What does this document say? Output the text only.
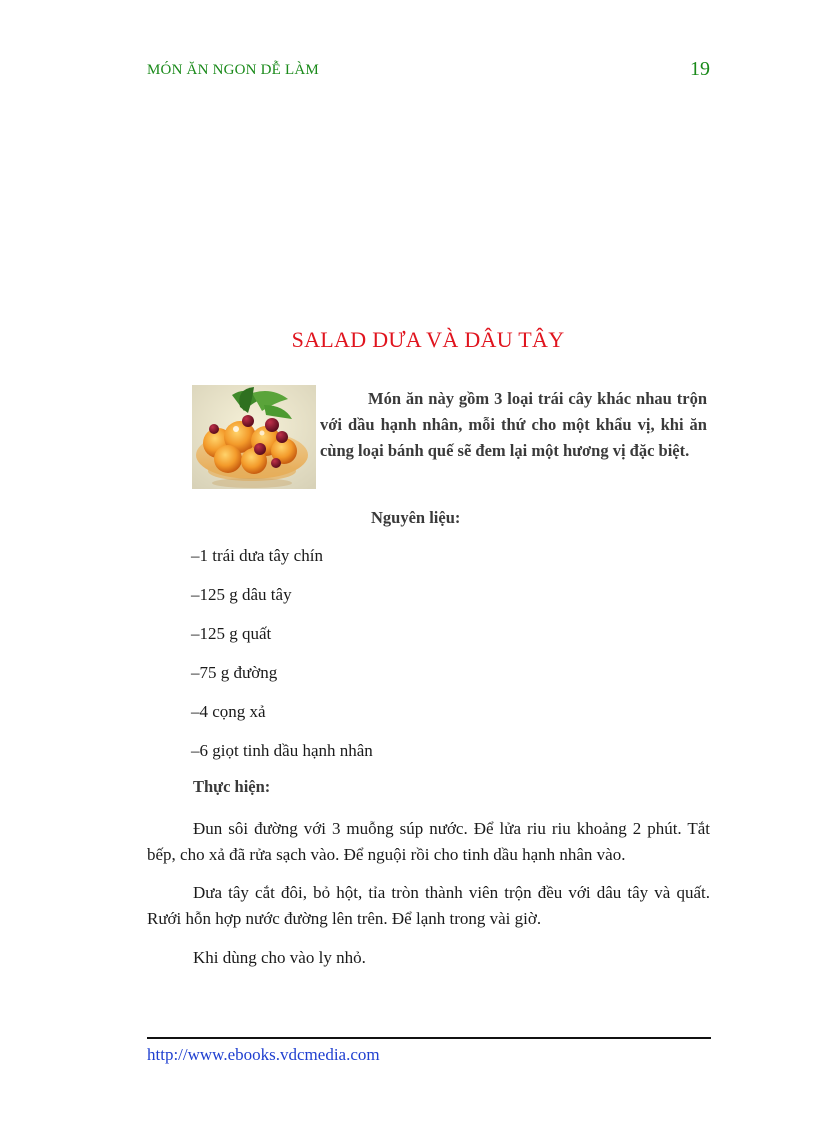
MÓN ĂN NGON DỄ LÀM	19
SALAD DƯA VÀ DÂU TÂY

Món ăn này gồm 3 loại trái cây khác nhau trộn với dầu hạnh nhân, mỗi thứ cho một khẩu vị, khi ăn cùng loại bánh quế sẽ đem lại một hương vị đặc biệt.

Nguyên liệu:
–1 trái dưa tây chín
–125 g dâu tây
–125 g quất
–75 g đường
–4 cọng xả
–6 giọt tinh dầu hạnh nhân
Thực hiện:

Đun sôi đường với 3 muỗng súp nước. Để lửa riu riu khoảng 2 phút. Tắt bếp, cho xả đã rửa sạch vào. Để nguội rồi cho tinh dầu hạnh nhân vào.

Dưa tây cắt đôi, bỏ hột, tỉa tròn thành viên trộn đều với dâu tây và quất. Rưới hỗn hợp nước đường lên trên. Để lạnh trong vài giờ.

Khi dùng cho vào ly nhỏ.

http://www.ebooks.vdcmedia.com
